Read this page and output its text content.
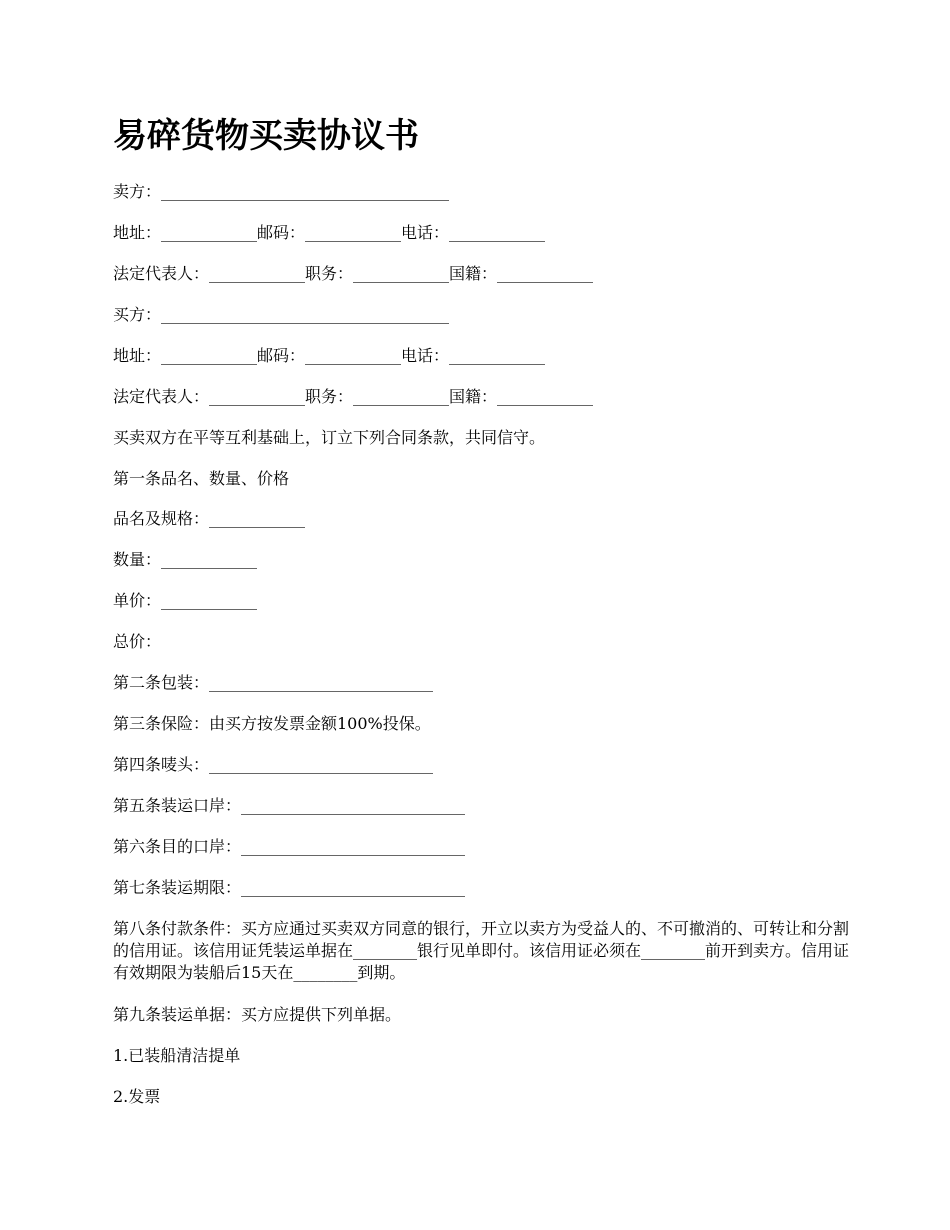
易碎货物买卖协议书

卖方：____________________________________

地址：____________邮码：____________电话：____________

法定代表人：____________职务：____________国籍：____________

买方：____________________________________

地址：____________邮码：____________电话：____________

法定代表人：____________职务：____________国籍：____________

买卖双方在平等互利基础上，订立下列合同条款，共同信守。

第一条品名、数量、价格

品名及规格：____________

数量：____________

单价：____________

总价：

第二条包装：____________________________

第三条保险：由买方按发票金额100%投保。

第四条唛头：____________________________

第五条装运口岸：____________________________

第六条目的口岸：____________________________

第七条装运期限：____________________________

第八条付款条件：买方应通过买卖双方同意的银行，开立以卖方为受益人的、不可撤消的、可转让和分割的信用证。该信用证凭装运单据在________银行见单即付。该信用证必须在________前开到卖方。信用证有效期限为装船后15天在________到期。

第九条装运单据：买方应提供下列单据。

1.已装船清洁提单

2.发票
